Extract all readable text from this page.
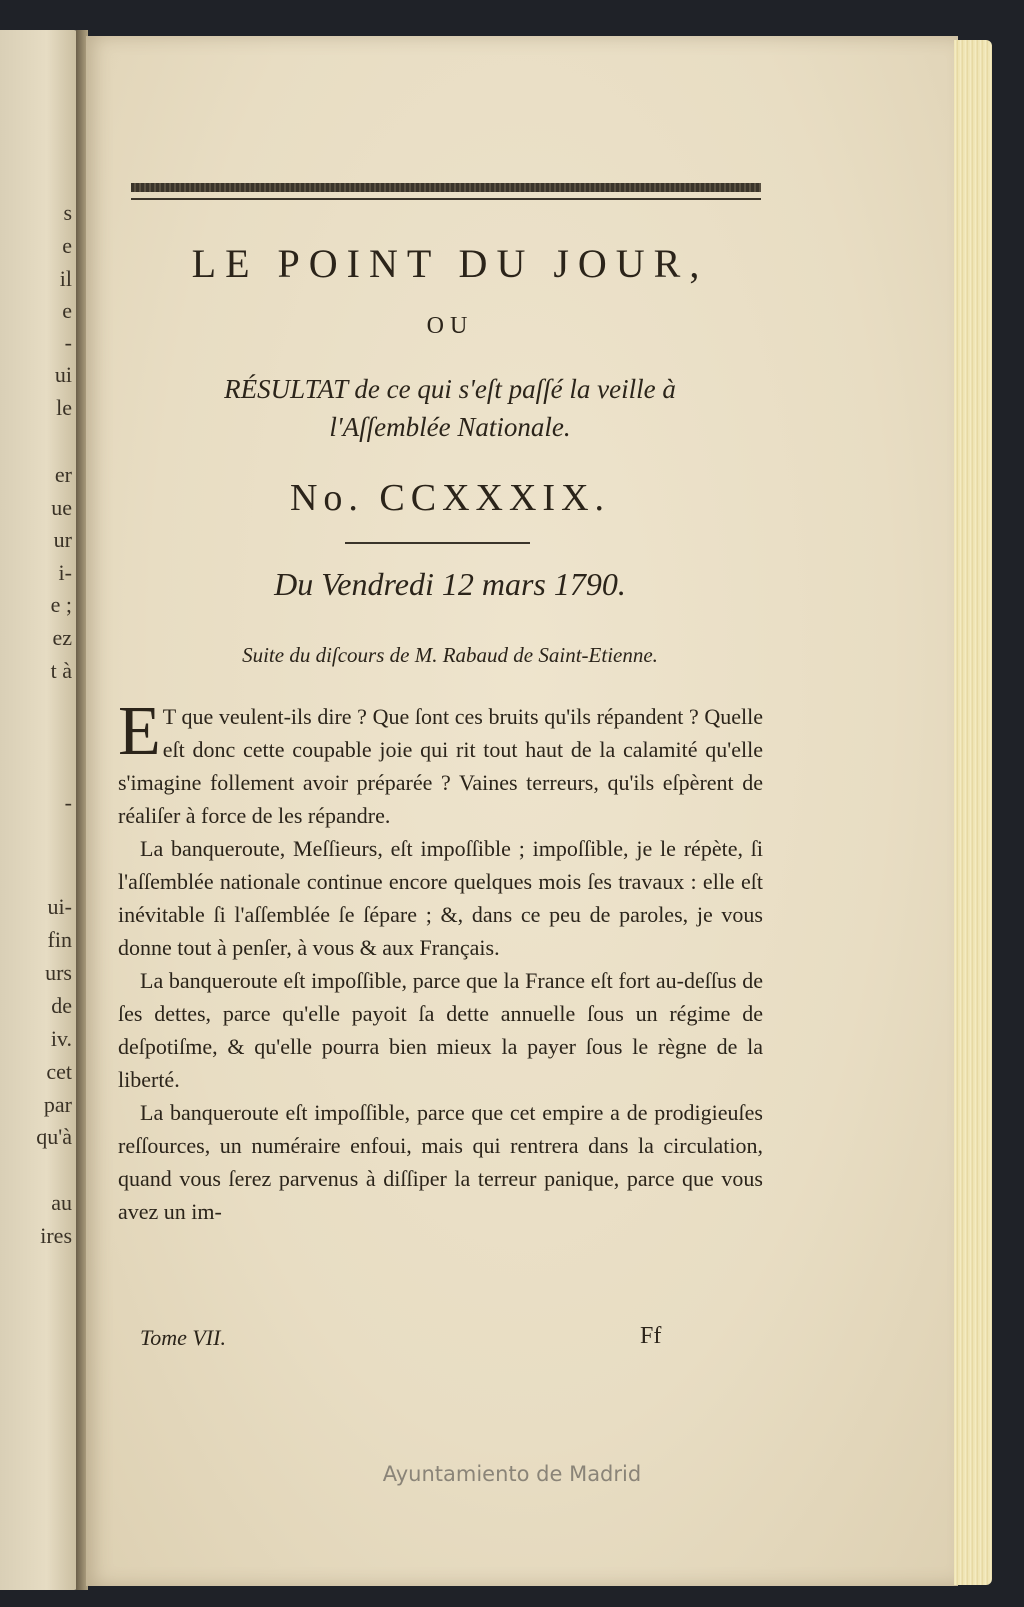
s
e
il
e
-
ui
le
er
ue
ur
i-
e ;
ez
t à
-
ui-
fin
urs
de
iv.
cet
par
qu'à
au
ires
LE POINT DU JOUR,
OU
RÉSULTAT de ce qui s'eſt paſſé la veille à
l'Aſſemblée Nationale.
No. CCXXXIX.
Du Vendredi 12 mars 1790.
Suite du diſcours de M. Rabaud de Saint-Etienne.

E T que veulent-ils dire ? Que ſont ces bruits qu'ils répandent ? Quelle eſt donc cette coupable joie qui rit tout haut de la calamité qu'elle s'imagine follement avoir préparée ? Vaines terreurs, qu'ils eſpèrent de réaliſer à force de les répandre.

La banqueroute, Meſſieurs, eſt impoſſible ; impoſſible, je le répète, ſi l'aſſemblée nationale continue encore quelques mois ſes travaux : elle eſt inévitable ſi l'aſſemblée ſe ſépare ; &, dans ce peu de paroles, je vous donne tout à penſer, à vous & aux Français.

La banqueroute eſt impoſſible, parce que la France eſt fort au-deſſus de ſes dettes, parce qu'elle payoit ſa dette annuelle ſous un régime de deſpotiſme, & qu'elle pourra bien mieux la payer ſous le règne de la liberté.

La banqueroute eſt impoſſible, parce que cet empire a de prodigieuſes reſſources, un numéraire enfoui, mais qui rentrera dans la circulation, quand vous ſerez parvenus à diſſiper la terreur panique, parce que vous avez un im-

Tome VII.	Ff
Ayuntamiento de Madrid
